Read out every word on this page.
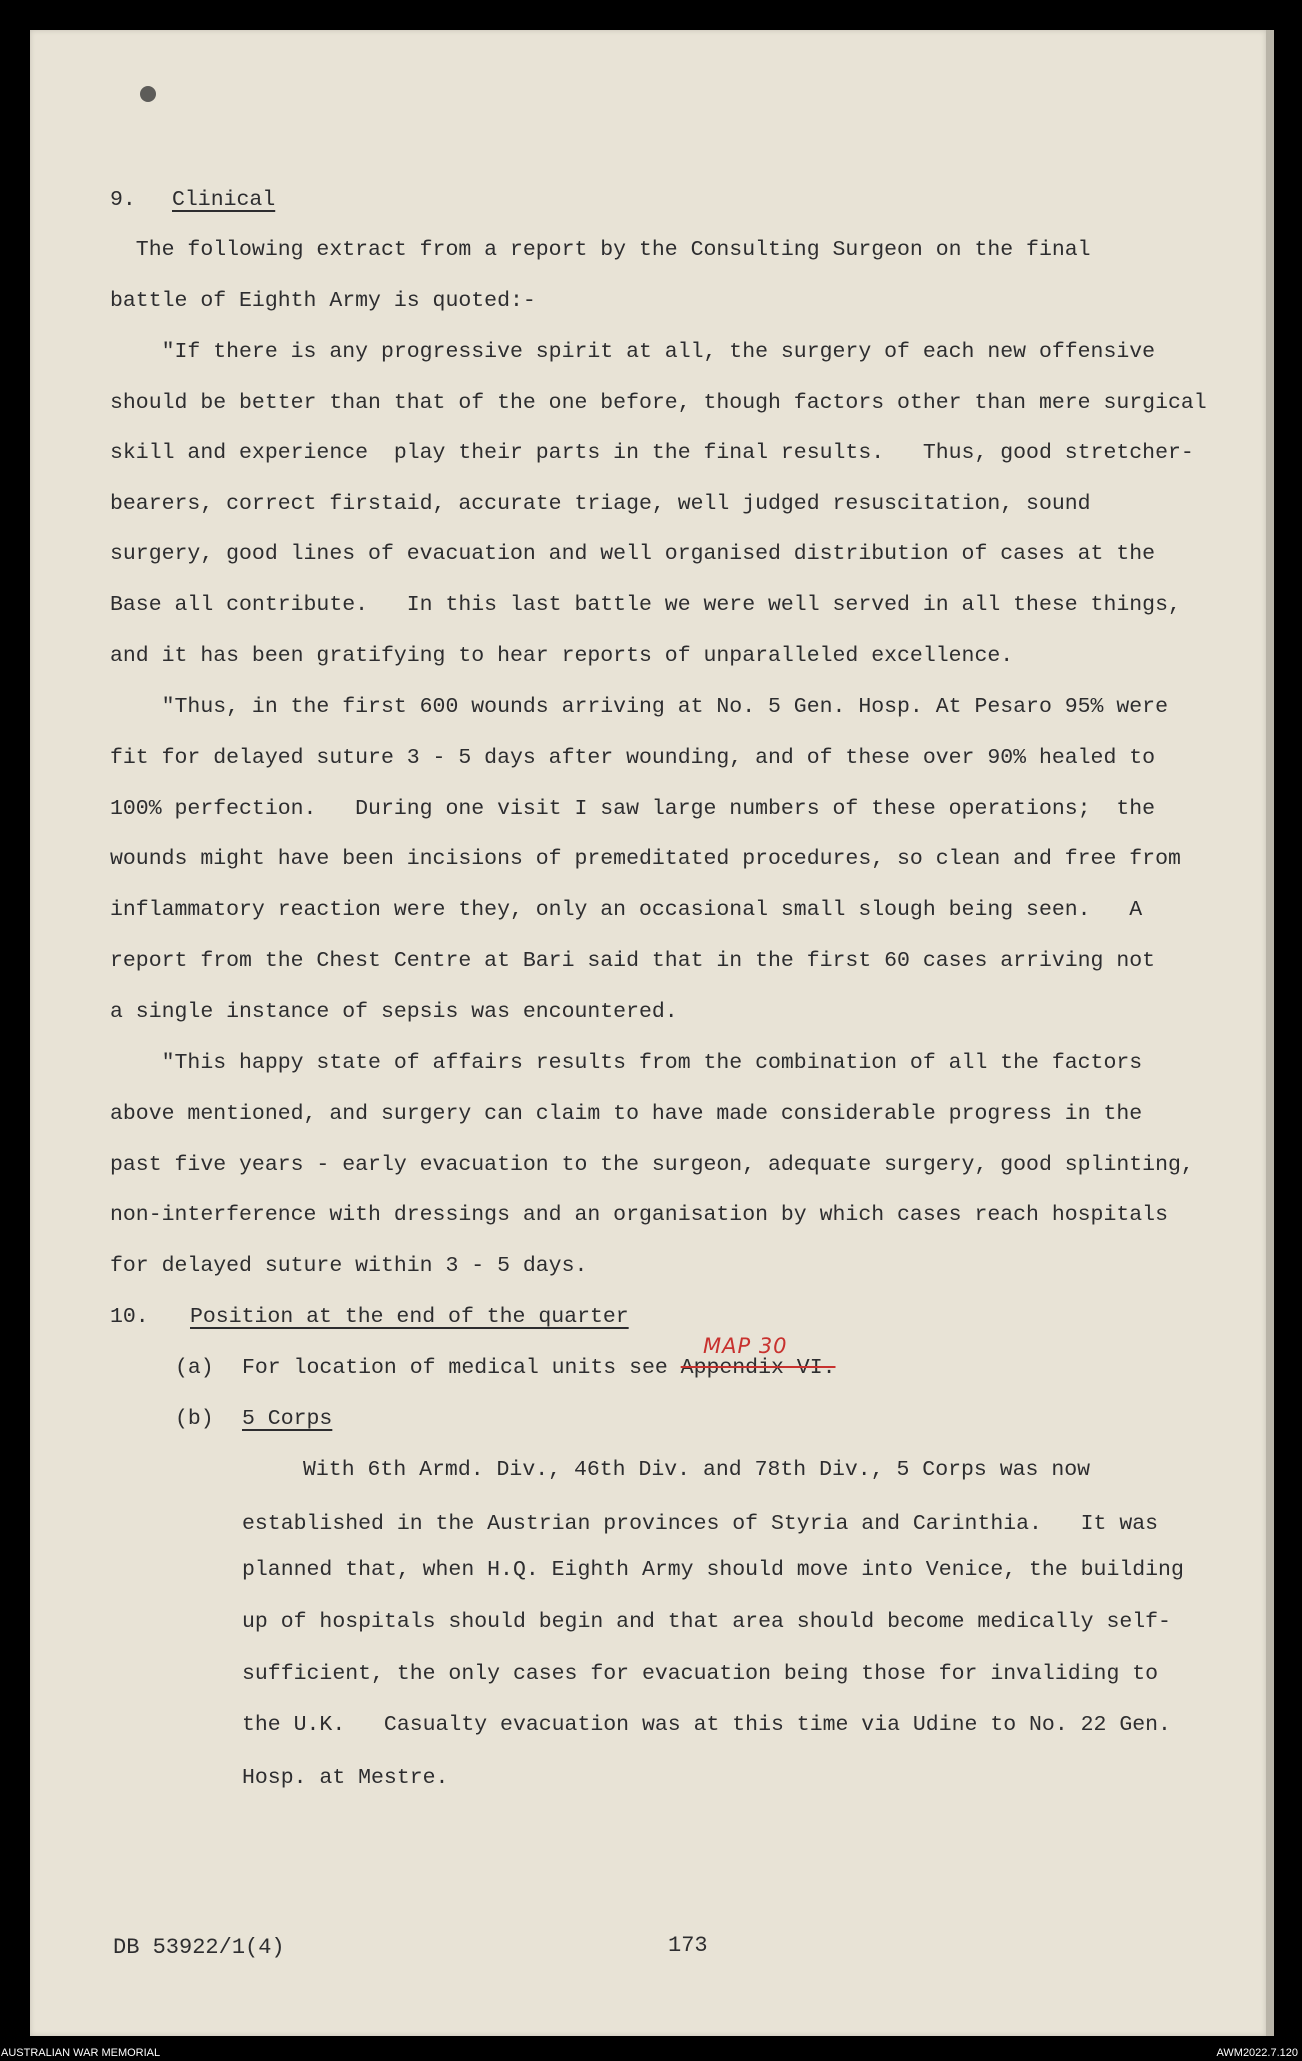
9. Clinical
The following extract from a report by the Consulting Surgeon on the final
battle of Eighth Army is quoted:-
"If there is any progressive spirit at all, the surgery of each new offensive
should be better than that of the one before, though factors other than mere surgical
skill and experience  play their parts in the final results.   Thus, good stretcher-
bearers, correct firstaid, accurate triage, well judged resuscitation, sound
surgery, good lines of evacuation and well organised distribution of cases at the
Base all contribute.   In this last battle we were well served in all these things,
and it has been gratifying to hear reports of unparalleled excellence.
"Thus, in the first 600 wounds arriving at No. 5 Gen. Hosp. At Pesaro 95% were
fit for delayed suture 3 - 5 days after wounding, and of these over 90% healed to
100% perfection.   During one visit I saw large numbers of these operations;  the
wounds might have been incisions of premeditated procedures, so clean and free from
inflammatory reaction were they, only an occasional small slough being seen.   A
report from the Chest Centre at Bari said that in the first 60 cases arriving not
a single instance of sepsis was encountered.
"This happy state of affairs results from the combination of all the factors
above mentioned, and surgery can claim to have made considerable progress in the
past five years - early evacuation to the surgeon, adequate surgery, good splinting,
non-interference with dressings and an organisation by which cases reach hospitals
for delayed suture within 3 - 5 days.
10. Position at the end of the quarter
(a) For location of medical units see Appendix VI.
MAP 30
(b) 5 Corps
With 6th Armd. Div., 46th Div. and 78th Div., 5 Corps was now
established in the Austrian provinces of Styria and Carinthia.   It was
planned that, when H.Q. Eighth Army should move into Venice, the building
up of hospitals should begin and that area should become medically self-
sufficient, the only cases for evacuation being those for invaliding to
the U.K.   Casualty evacuation was at this time via Udine to No. 22 Gen.
Hosp. at Mestre.
DB 53922/1(4)	173
AUSTRALIAN WAR MEMORIAL	AWM2022.7.120
